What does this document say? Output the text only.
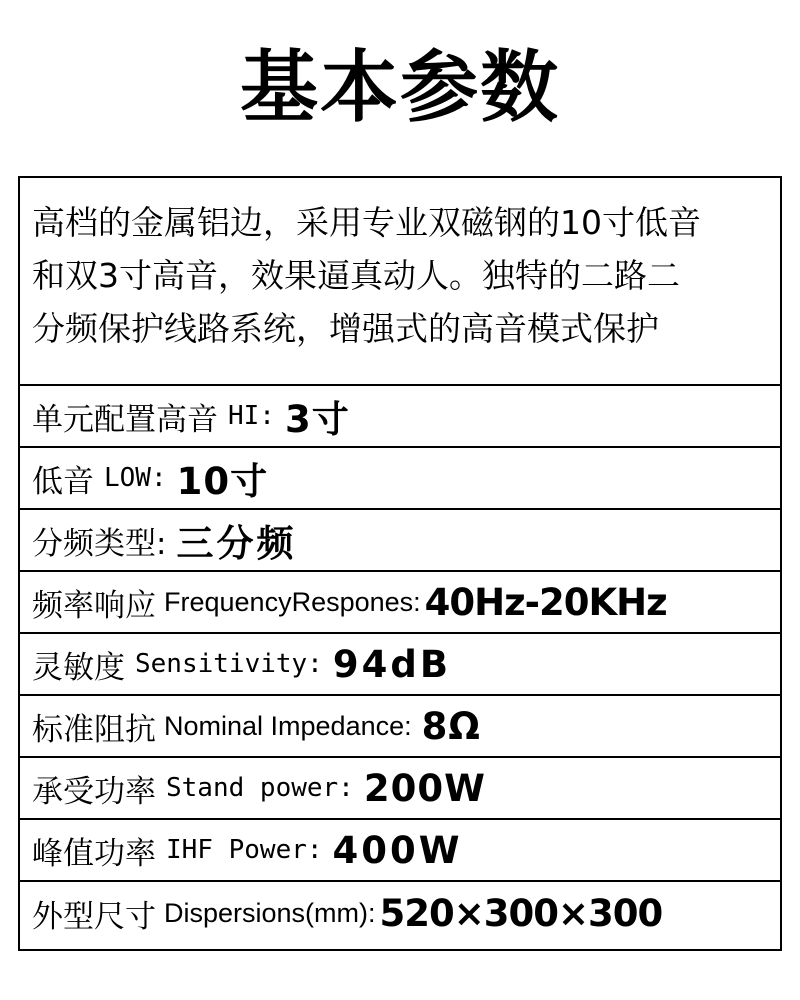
基本参数
高档的金属铝边，采用专业双磁钢的10寸低音
和双3寸高音，效果逼真动人。独特的二路二
分频保护线路系统，增强式的高音模式保护
单元配置高音 HI: 3寸
低音 LOW: 10寸
分频类型: 三分频
频率响应 FrequencyRespones: 40Hz-20KHz
灵敏度 Sensitivity: 94dB
标准阻抗 Nominal Impedance: 8Ω
承受功率 Stand power: 200W
峰值功率 IHF Power: 400W
外型尺寸 Dispersions(mm): 520×300×300
